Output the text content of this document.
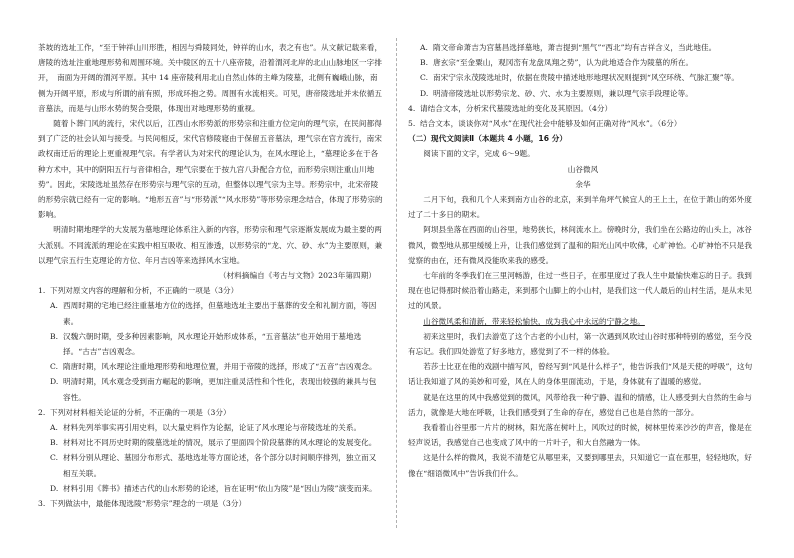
茶坡的选址工作，“至于钟祥山川形胜，相因与舜陵同处，钟祥的山水，表之有也”。从文献记载来看，唐陵的选址注重地理形势和周围环境。关中陵区的五十八座帝陵，沿着渭河北岸的北山山脉地区一字排开，　南面为开阔的渭河平原。其中 14 座帝陵利用北山自然山体的主峰为陵墓，北侧有巍峨山脉，南侧为开阔平原，形成与所谓的前有照，形成环抱之势。周围有水流相夹。可见，唐帝陵选址并未依循五音墓法，而是与山形水势的契合受限，体现出对地理形势的重视。

随着卜葬门风的流行，宋代以后，江西山水形势派的形势宗和注重方位定向的理气宗，在民间都得到了广泛的社会认知与接受。与民间相反，宋代官修陵寝由于保留五音墓法，理气宗在官方流行，南宋政权南迁后的理论上更重视理气宗。有学者认为对宋代的理论认为，在风水理论上，“墓理论多在于各种方术中，其中的阴阳五行与音律相合，理气宗要在于按九宫八卦配合方位，而形势宗则注重山川地势”。因此，宋陵选址虽然存在形势宗与理气宗的互动，但整体以理气宗为主导。形势宗中，北宋帝陵的形势宗就已经有一定的影响。“地形五音”与“形势派”“风水形势”等形势宗理念结合，体现了形势宗的影响。

明清时期地理学的大发展为墓地理论体系注入新的内容，形势宗和理气宗逐渐发展成为最主要的两大派别。不同流派的理论在实践中相互吸收、相互渗透，以形势宗的“龙、穴、砂、水”为主要原则，兼以理气宗五行生克理论的方位、年月吉凶等来选择风水宝地。

（材料摘编自《考古与文物》2023年第四期）

1. 下列对原文内容的理解和分析，不正确的一项是（3分）
A. 西周时期的宅地已经注重墓地方位的选择，但墓地选址主要出于墓葬的安全和礼制方面，等因素。
B. 汉魏六朝时期，受多种因素影响，风水理论开始形成体系，“五音墓法”也开始用于墓地选择。“古吉”吉凶观念。
C. 隋唐时期，风水理论注重地理形势和地理位置，并用于帝陵的选择，形成了“五音”吉凶观念。
D. 明清时期，风水观念受到南方崛起的影响，更加注重灵活性和个性化，表现出较强的兼具与包容性。
2. 下列对材料相关论证的分析，不正确的一项是（3分）
A. 材料先列举事实再引用史料，以大量史料作为论据，论证了风水理论与帝陵选址的关系。
B. 材料对比不同历史时期的陵墓选址的情况，展示了里面四个阶段墓葬的风水理论的发展变化。
C. 材料分别从理论、墓园分布形式、基地选址等方面论述，各个部分以时间顺序排列，独立而又相互关联。
D. 材料引用《葬书》描述古代的山水形势的论述，旨在证明“依山为陵”是“因山为陵”演变而来。
3. 下列做法中，最能体现选陵“形势宗”理念的一项是（3分）
A. 隋文帝命萧吉为宫墓昌选择墓地，萧吉提到“黑气”“西北”均有吉祥含义，当此地佳。
B. 唐玄宗“至金粟山，观冈峦有龙盘凤翔之势”，认为此地适合作为陵墓的所在。
C. 南宋宁宗永茂陵选址时，依据在贵陵中描述地形地理状况则提到“风空环绕、气脉汇聚”等。
D. 明清帝陵选址以形势宗龙、砂、穴、水为主要原则，兼以理气宗手段理论等。
4. 请结合文本，分析宋代墓陵选址的变化及其原因。（4分）
5. 结合文本，谈谈你对“风水”在现代社会中能够及如何正确对待“风水”。（6分）

（二）现代文阅读Ⅱ（本题共 4 小题，16 分）

阅读下面的文字，完成 6～9题。

山谷微风

余华

二月下旬，我和几个人来到南方山谷的北京，来到羊角坪气候宜人的王上土，在位于萧山的郊外度过了二十多日的期末。

阿坝县坐落在西面的山谷里，地势狭长，林间流水上。傍晚时分，我们坐在公路边的山头上，冰谷微风，微型地从那里缓缓上升，让我们感觉到了温和的阳光山风中吹佛，心旷神怡。心旷神怡不只是我觉察的由在，还有微风没能吹来我的感受。

七年前的冬季我们在三里河畅游，住过一些日子，在那里度过了我人生中最愉快难忘的日子。我到现在也记得那时候沿着山路走，来到那个山脚上的小山村，是我们这一代人最后的山村生活，是从未见过的风景。

山谷微风柔和清新，带来轻松愉快，成为我心中永远的宁静之地。

初来这里时，我们去游览了这个古老的小山村，第一次遇到风吹过山谷时那种特别的感觉，至今没有忘记。我们四处游览了好多地方，感觉到了不一样的体验。

若莎士比亚在他的戏剧中描写风，曾经写到“风是什么样子”，他告诉我们“风是天使的呼吸”，这句话让我知道了风的美妙和可爱，风在人的身体里面流动，于是，身体就有了温暖的感觉。

就是在这里的风中我感觉到的微风，风带给我一种宁静、温和的情感，让人感受到大自然的生命与活力，就像是大地在呼吸，让我们感受到了生命的存在，感觉自己也是自然的一部分。

我看着山谷里那一片片的树林，阳光落在树叶上，风吹过的时候，树林里传来沙沙的声音，像是在轻声说话，我感觉自己也变成了风中的一片叶子，和大自然融为一体。

这是什么样的微风，我说不清楚它从哪里来，又要到哪里去，只知道它一直在那里，轻轻地吹，好像在“细语微风中”告诉我们什么。
